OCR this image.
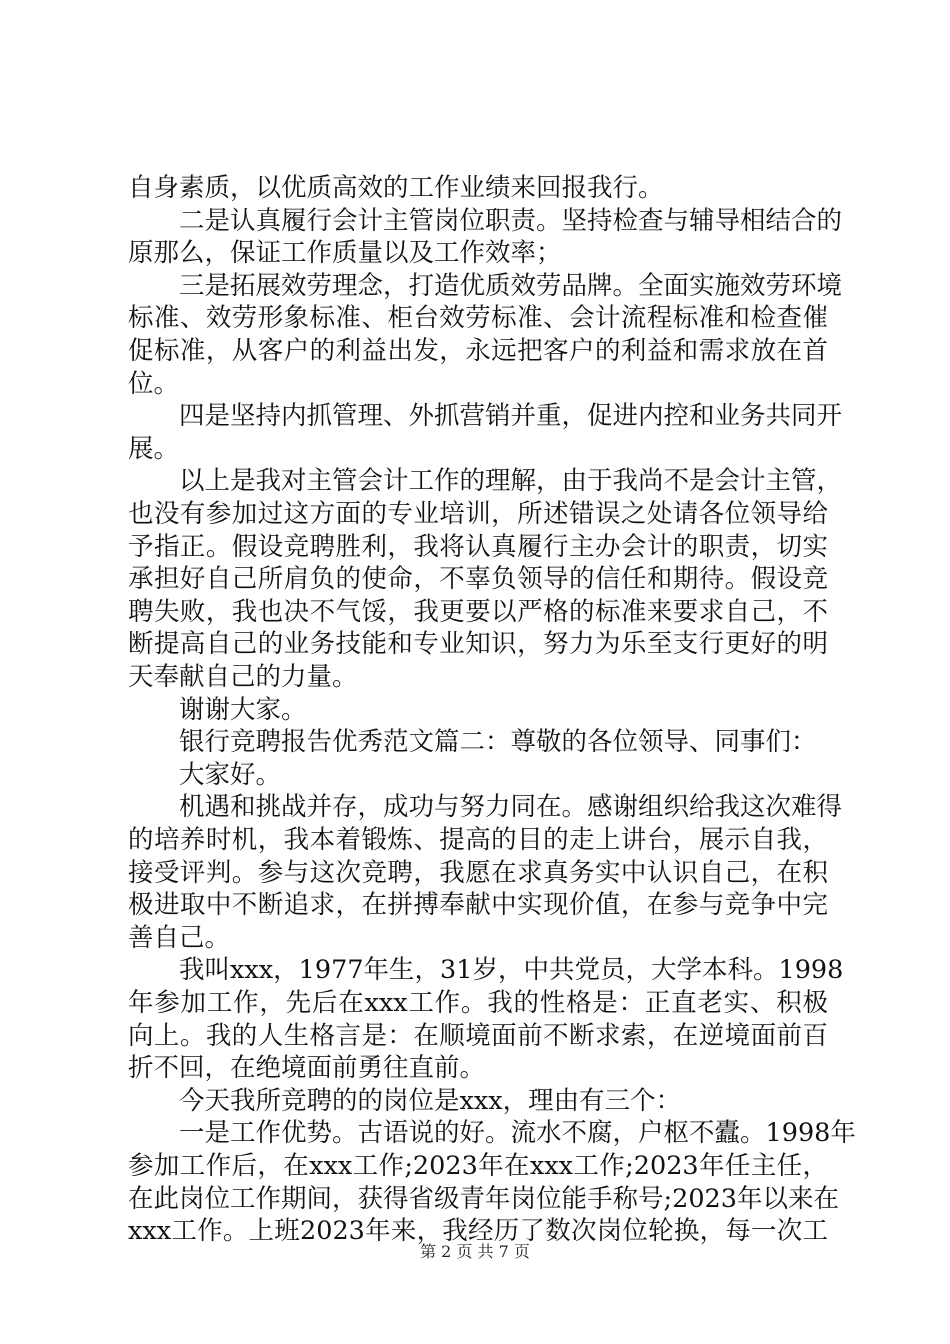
自身素质，以优质高效的工作业绩来回报我行。
　　二是认真履行会计主管岗位职责。坚持检查与辅导相结合的
原那么，保证工作质量以及工作效率；
　　三是拓展效劳理念，打造优质效劳品牌。全面实施效劳环境
标准、效劳形象标准、柜台效劳标准、会计流程标准和检查催
促标准，从客户的利益出发，永远把客户的利益和需求放在首
位。
　　四是坚持内抓管理、外抓营销并重，促进内控和业务共同开
展。
　　以上是我对主管会计工作的理解，由于我尚不是会计主管，
也没有参加过这方面的专业培训，所述错误之处请各位领导给
予指正。假设竞聘胜利，我将认真履行主办会计的职责，切实
承担好自己所肩负的使命，不辜负领导的信任和期待。假设竞
聘失败，我也决不气馁，我更要以严格的标准来要求自己，不
断提高自己的业务技能和专业知识，努力为乐至支行更好的明
天奉献自己的力量。
　　谢谢大家。
　　银行竞聘报告优秀范文篇二：尊敬的各位领导、同事们：
　　大家好。
　　机遇和挑战并存，成功与努力同在。感谢组织给我这次难得
的培养时机，我本着锻炼、提高的目的走上讲台，展示自我，
接受评判。参与这次竞聘，我愿在求真务实中认识自己，在积
极进取中不断追求，在拼搏奉献中实现价值，在参与竞争中完
善自己。
　　我叫xxx，1977年生，31岁，中共党员，大学本科。1998
年参加工作，先后在xxx工作。我的性格是：正直老实、积极
向上。我的人生格言是：在顺境面前不断求索，在逆境面前百
折不回，在绝境面前勇往直前。
　　今天我所竞聘的的岗位是xxx，理由有三个：
　　一是工作优势。古语说的好。流水不腐，户枢不蠹。1998年
参加工作后，在xxx工作;2023年在xxx工作;2023年任主任，
在此岗位工作期间，获得省级青年岗位能手称号;2023年以来在
xxx工作。上班2023年来，我经历了数次岗位轮换，每一次工
第 2 页 共 7 页
